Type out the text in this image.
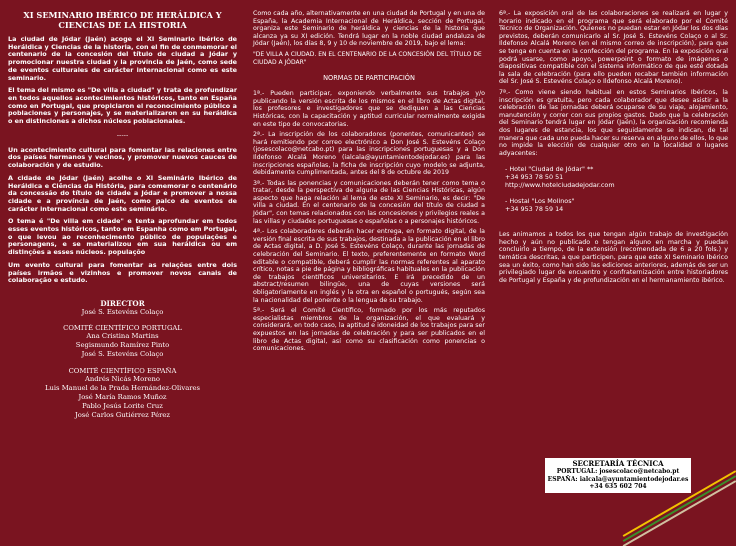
XI SEMINARIO IBÉRICO DE HERÁLDICA Y CIENCIAS DE LA HISTORIA

La ciudad de Jódar (Jaén) acoge el XI Seminario Ibérico de Heráldica y Ciencias de la historia, con el fin de conmemorar el centenario de la concesión del título de ciudad a Jódar y promocionar nuestra ciudad y la provincia de Jaén, como sede de eventos culturales de carácter internacional como es este seminario.

El tema del mismo es "De villa a ciudad" y trata de profundizar en todos aquellos acontecimientos históricos, tanto en España como en Portugal, que propiciaron el reconocimiento público a poblaciones y personajes, y se materializaron en su heráldica o en distinciones a dichos núcleos poblacionales.

-----

Un acontecimiento cultural para fomentar las relaciones entre dos países hermanos y vecinos, y promover nuevos cauces de colaboración y de estudio.

A cidade de Jódar (Jaén) acolhe o XI Seminário Ibérico de Heráldica e Ciências da História, para comemorar o centenário da concessão do título de cidade a Jódar e promover a nossa cidade e a província de Jaén, como palco de eventos de carácter internacional como este seminário.

O tema é "De villa em cidade" e tenta aprofundar em todos esses eventos históricos, tanto em Espanha como em Portugal, o que levou ao reconhecimento público de populações e personagens, e se materializou em sua heráldica ou em distinções a esses núcleos. populaçõo

Um evento cultural para fomentar as relações entre dois países irmãos e vizinhos e promover novos canais de colaboração e estudo.

DIRECTOR
José S. Estevéns Colaço
COMITÉ CIENTÍFICO PORTUGAL
Ana Cristina Martins
Segismundo Ramírez Pinto
José S. Estevéns Colaço
COMITÉ CIENTÍFICO ESPAÑA
Andrés Nicás Moreno
Luis Manuel de la Prada Hernández-Olivares
José María Ramos Muñoz
Pablo Jesús Lorite Cruz
José Carlos Gutiérrez Pérez

Como cada año, alternativamente en una ciudad de Portugal y en una de España, la Academia Internacional de Heráldica, sección de Portugal, organiza este Seminario de heráldica y ciencias de la historia que alcanza ya su XI edición. Tendrá lugar en la noble ciudad andaluza de Jódar (Jaén), los días 8, 9 y 10 de noviembre de 2019, bajo el lema:

"DE VILLA A CIUDAD. EN EL CENTENARIO DE LA CONCESIÓN DEL TÍTULO DE CIUDAD A JÓDAR"
NORMAS DE PARTICIPACIÓN

1ª.- Pueden participar, exponiendo verbalmente sus trabajos y/o publicando la versión escrita de los mismos en el libro de Actas digital, los profesores e investigadores que se dediquen a las Ciencias Históricas, con la capacitación y aptitud curricular normalmente exigida en este tipo de convocatorias.

2ª.- La inscripción de los colaboradores (ponentes, comunicantes) se hará remitiendo por correo electrónico a Don José S. Estevéns Colaço (josescolaco@netcabo.pt) para las inscripciones portuguesas y a Don Ildefonso Alcalá Moreno (ialcala@ayuntamientodejodar.es) para las inscripciones españolas, la ficha de inscripción cuyo modelo se adjunta, debidamente cumplimentada, antes del 8 de octubre de 2019

3ª.- Todas las ponencias y comunicaciones deberán tener como tema o tratar, desde la perspectiva de alguna de las Ciencias Históricas, algún aspecto que haga relación al lema de este XI Seminario, es decir: "De villa a ciudad. En el centenario de la concesión del título de ciudad a Jódar", con temas relacionados con las concesiones y privilegios reales a las villas y ciudades portuguesas o españolas o a personajes históricos.

4ª.- Los colaboradores deberán hacer entrega, en formato digital, de la versión final escrita de sus trabajos, destinada a la publicación en el libro de Actas digital, a D. José S. Estevéns Colaço, durante las jornadas de celebración del Seminario. El texto, preferentemente en formato Word editable o compatible, deberá cumplir las normas referentes al aparato crítico, notas a pie de página y bibliográficas habituales en la publicación de trabajos científicos universitarios. E irá precedido de un abstract/resumen bilingüe, una de cuyas versiones será obligatoriamente en inglés y la otra en español o portugués, según sea la nacionalidad del ponente o la lengua de su trabajo.

5ª.- Será el Comité Científico, formado por los más reputados especialistas miembros de la organización, el que evaluará y considerará, en todo caso, la aptitud e idoneidad de los trabajos para ser expuestos en las jornadas de celebración y para ser publicados en el libro de Actas digital, así como su clasificación como ponencias o comunicaciones.

6ª.- La exposición oral de las colaboraciones se realizará en lugar y horario indicado en el programa que será elaborado por el Comité Técnico de Organización. Quienes no puedan estar en Jódar los dos días previstos, deberán comunicarlo al Sr. José S. Estevéns Colaço o al Sr. Ildefonso Alcalá Moreno (en el mismo correo de inscripción), para que se tenga en cuenta en la confección del programa. En la exposición oral podrá usarse, como apoyo, powerpoint o formato de imágenes o diapositivas compatible con el sistema informático de que esté dotada la sala de celebración (para ello pueden recabar también información del Sr. José S. Estevéns Colaço o Ildefonso Alcalá Moreno).

7ª.- Como viene siendo habitual en estos Seminarios Ibéricos, la inscripción es gratuita, pero cada colaborador que desee asistir a la celebración de las jornadas deberá ocuparse de su viaje, alojamiento, manutención y correr con sus propios gastos. Dado que la celebración del Seminario tendrá lugar en Jódar (Jaén), la organización recomienda dos lugares de estancia, los que seguidamente se indican, de tal manera que cada uno pueda hacer su reserva en alguno de ellos, lo que no impide la elección de cualquier otro en la localidad o lugares adyacentes:

- Hotel "Ciudad de Jódar" **
+34 953 78 50 51
http://www.hotelciudadejodar.com
- Hostal "Los Molinos"
+34 953 78 59 14

Les animamos a todos los que tengan algún trabajo de investigación hecho y aún no publicado o tengan alguno en marcha y puedan concluirlo a tiempo, de la extensión (recomendada de 6 a 20 fols.) y temática descritas, a que participen, para que este XI Seminario Ibérico sea un éxito, como han sido las ediciones anteriores, además de ser un privilegiado lugar de encuentro y confraternización entre historiadores de Portugal y España y de profundización en el hermanamiento ibérico.

SECRETARÍA TÉCNICA
PORTUGAL: josescolaco@netcabo.pt
ESPAÑA: ialcala@ayuntamientodejodar.es
+34 635 602 704
